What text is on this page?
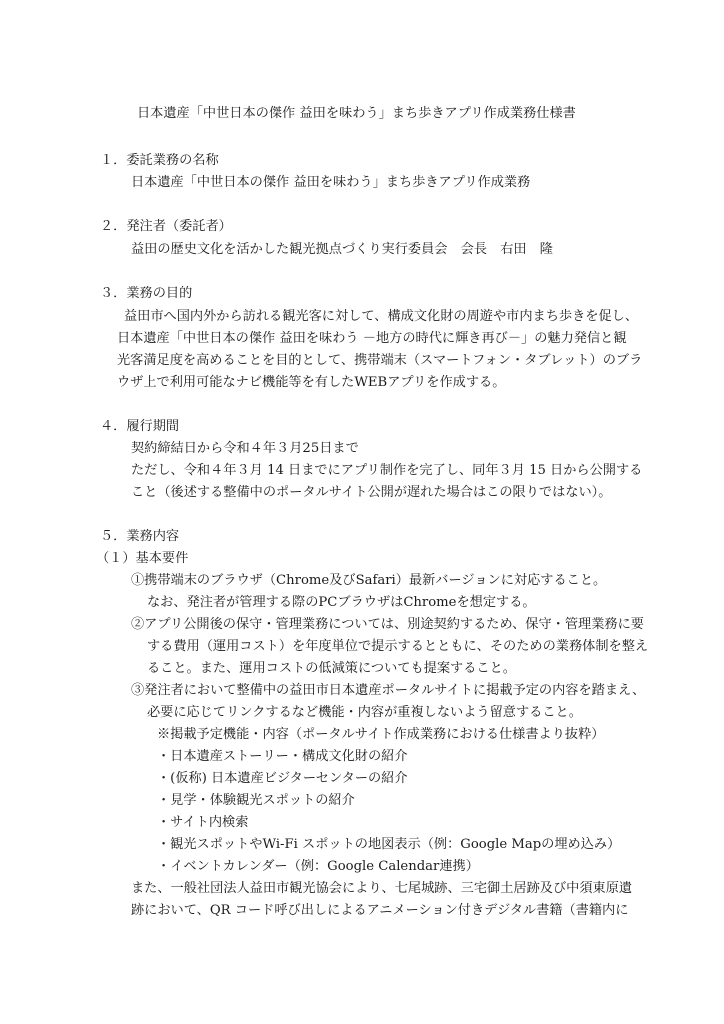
日本遺産「中世日本の傑作 益田を味わう」まち歩きアプリ作成業務仕様書
１．委託業務の名称
日本遺産「中世日本の傑作 益田を味わう」まち歩きアプリ作成業務
２．発注者（委託者）
益田の歴史文化を活かした観光拠点づくり実行委員会　会長　右田　隆
３．業務の目的
益田市へ国内外から訪れる観光客に対して、構成文化財の周遊や市内まち歩きを促し、
日本遺産「中世日本の傑作 益田を味わう －地方の時代に輝き再び－」の魅力発信と観
光客満足度を高めることを目的として、携帯端末（スマートフォン・タブレット）のブラ
ウザ上で利用可能なナビ機能等を有したWEBアプリを作成する。
４．履行期間
契約締結日から令和４年３月25日まで
ただし、令和４年３月 14 日までにアプリ制作を完了し、同年３月 15 日から公開する
こと（後述する整備中のポータルサイト公開が遅れた場合はこの限りではない）。
５．業務内容
（１）基本要件
①携帯端末のブラウザ（Chrome及びSafari）最新バージョンに対応すること。
なお、発注者が管理する際のPCブラウザはChromeを想定する。
②アプリ公開後の保守・管理業務については、別途契約するため、保守・管理業務に要
する費用（運用コスト）を年度単位で提示するとともに、そのための業務体制を整え
ること。また、運用コストの低減策についても提案すること。
③発注者において整備中の益田市日本遺産ポータルサイトに掲載予定の内容を踏まえ、
必要に応じてリンクするなど機能・内容が重複しないよう留意すること。
※掲載予定機能・内容（ポータルサイト作成業務における仕様書より抜粋）
・日本遺産ストーリー・構成文化財の紹介
・(仮称) 日本遺産ビジターセンターの紹介
・見学・体験観光スポットの紹介
・サイト内検索
・観光スポットやWi-Fi スポットの地図表示（例：Google Mapの埋め込み）
・イベントカレンダー（例：Google Calendar連携）
また、一般社団法人益田市観光協会により、七尾城跡、三宅御土居跡及び中須東原遺
跡において、QR コード呼び出しによるアニメーション付きデジタル書籍（書籍内に
